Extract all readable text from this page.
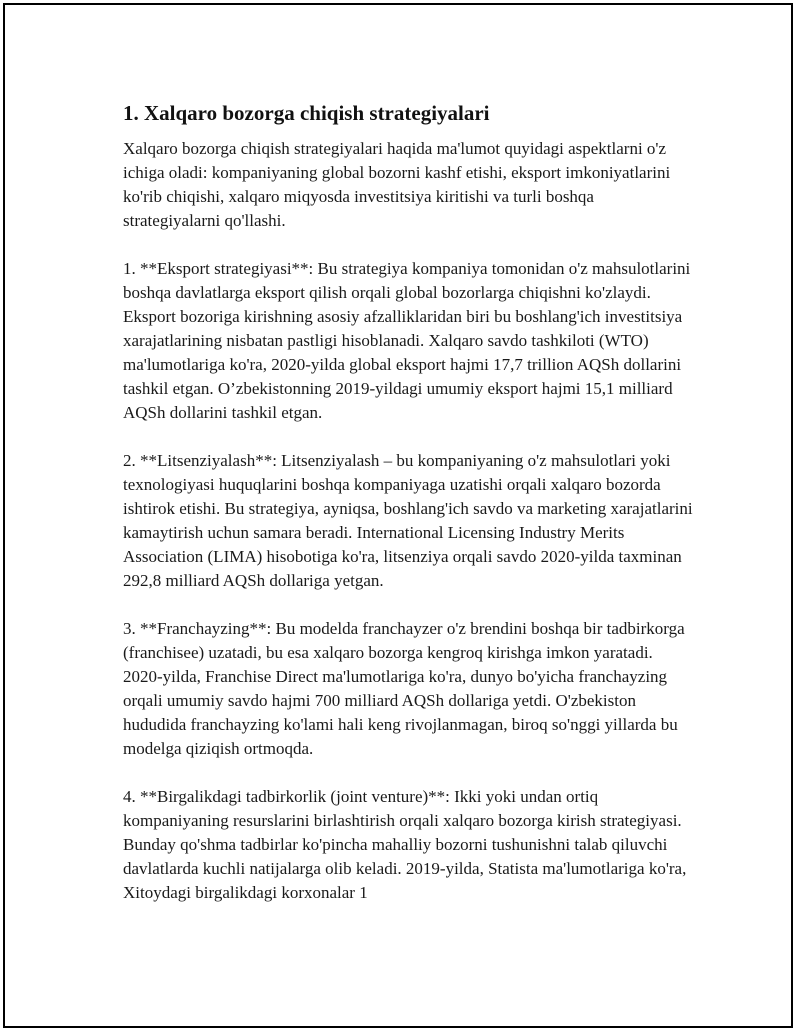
1. Xalqaro bozorga chiqish strategiyalari

Xalqaro bozorga chiqish strategiyalari haqida ma'lumot quyidagi aspektlarni o'z ichiga oladi: kompaniyaning global bozorni kashf etishi, eksport imkoniyatlarini ko'rib chiqishi, xalqaro miqyosda investitsiya kiritishi va turli boshqa strategiyalarni qo'llashi.

1. **Eksport strategiyasi**: Bu strategiya kompaniya tomonidan o'z mahsulotlarini boshqa davlatlarga eksport qilish orqali global bozorlarga chiqishni ko'zlaydi. Eksport bozoriga kirishning asosiy afzalliklaridan biri bu boshlang'ich investitsiya xarajatlarining nisbatan pastligi hisoblanadi. Xalqaro savdo tashkiloti (WTO) ma'lumotlariga ko'ra, 2020-yilda global eksport hajmi 17,7 trillion AQSh dollarini tashkil etgan. O’zbekistonning 2019-yildagi umumiy eksport hajmi 15,1 milliard AQSh dollarini tashkil etgan.

2. **Litsenziyalash**: Litsenziyalash – bu kompaniyaning o'z mahsulotlari yoki texnologiyasi huquqlarini boshqa kompaniyaga uzatishi orqali xalqaro bozorda ishtirok etishi. Bu strategiya, ayniqsa, boshlang'ich savdo va marketing xarajatlarini kamaytirish uchun samara beradi. International Licensing Industry Merits Association (LIMA) hisobotiga ko'ra, litsenziya orqali savdo 2020-yilda taxminan 292,8 milliard AQSh dollariga yetgan.

3. **Franchayzing**: Bu modelda franchayzer o'z brendini boshqa bir tadbirkorga (franchisee) uzatadi, bu esa xalqaro bozorga kengroq kirishga imkon yaratadi. 2020-yilda, Franchise Direct ma'lumotlariga ko'ra, dunyo bo'yicha franchayzing orqali umumiy savdo hajmi 700 milliard AQSh dollariga yetdi. O'zbekiston hududida franchayzing ko'lami hali keng rivojlanmagan, biroq so'nggi yillarda bu modelga qiziqish ortmoqda.

4. **Birgalikdagi tadbirkorlik (joint venture)**: Ikki yoki undan ortiq kompaniyaning resurslarini birlashtirish orqali xalqaro bozorga kirish strategiyasi. Bunday qo'shma tadbirlar ko'pincha mahalliy bozorni tushunishni talab qiluvchi davlatlarda kuchli natijalarga olib keladi. 2019-yilda, Statista ma'lumotlariga ko'ra, Xitoydagi birgalikdagi korxonalar 1
